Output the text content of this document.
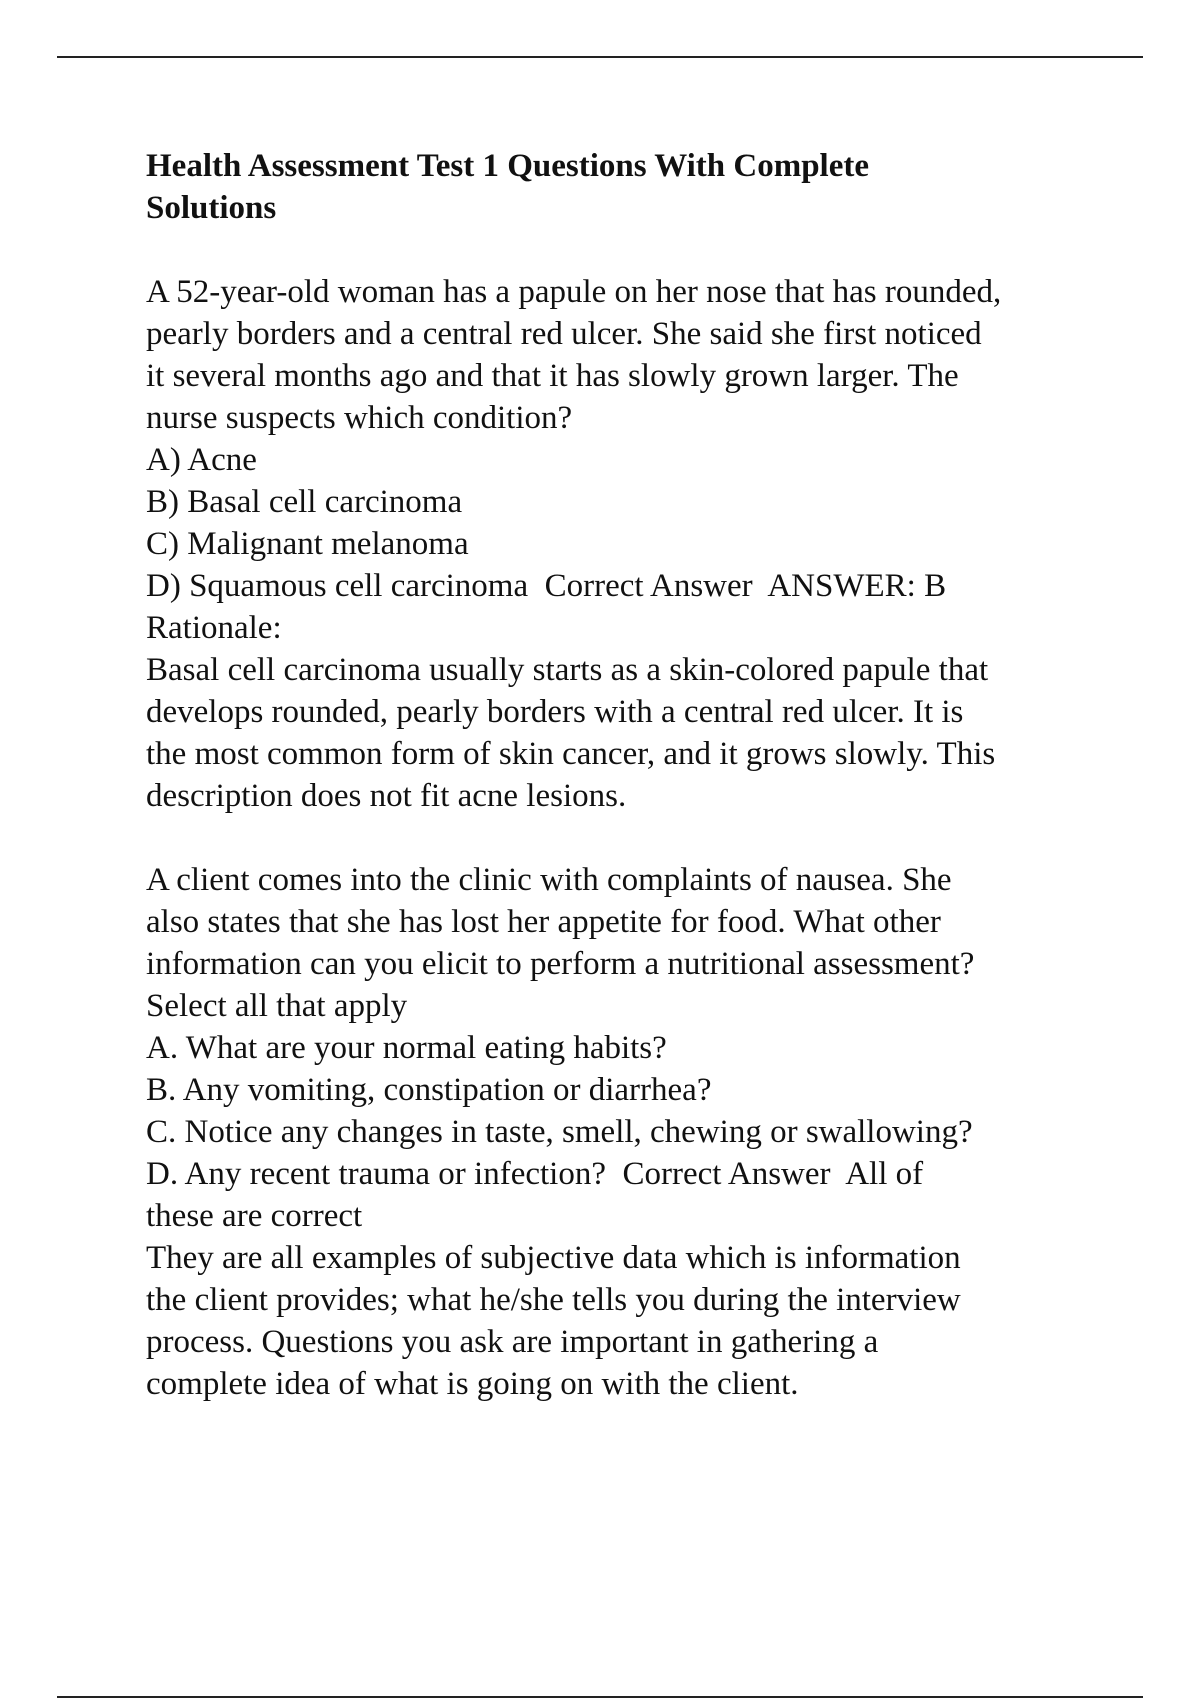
Health Assessment Test 1 Questions With Complete Solutions
A 52-year-old woman has a papule on her nose that has rounded,
pearly borders and a central red ulcer. She said she first noticed
it several months ago and that it has slowly grown larger. The
nurse suspects which condition?
A) Acne
B) Basal cell carcinoma
C) Malignant melanoma
D) Squamous cell carcinoma  Correct Answer  ANSWER: B
Rationale:
Basal cell carcinoma usually starts as a skin-colored papule that
develops rounded, pearly borders with a central red ulcer. It is
the most common form of skin cancer, and it grows slowly. This
description does not fit acne lesions.
A client comes into the clinic with complaints of nausea. She
also states that she has lost her appetite for food. What other
information can you elicit to perform a nutritional assessment?
Select all that apply
A. What are your normal eating habits?
B. Any vomiting, constipation or diarrhea?
C. Notice any changes in taste, smell, chewing or swallowing?
D. Any recent trauma or infection?  Correct Answer  All of
these are correct
They are all examples of subjective data which is information
the client provides; what he/she tells you during the interview
process. Questions you ask are important in gathering a
complete idea of what is going on with the client.
